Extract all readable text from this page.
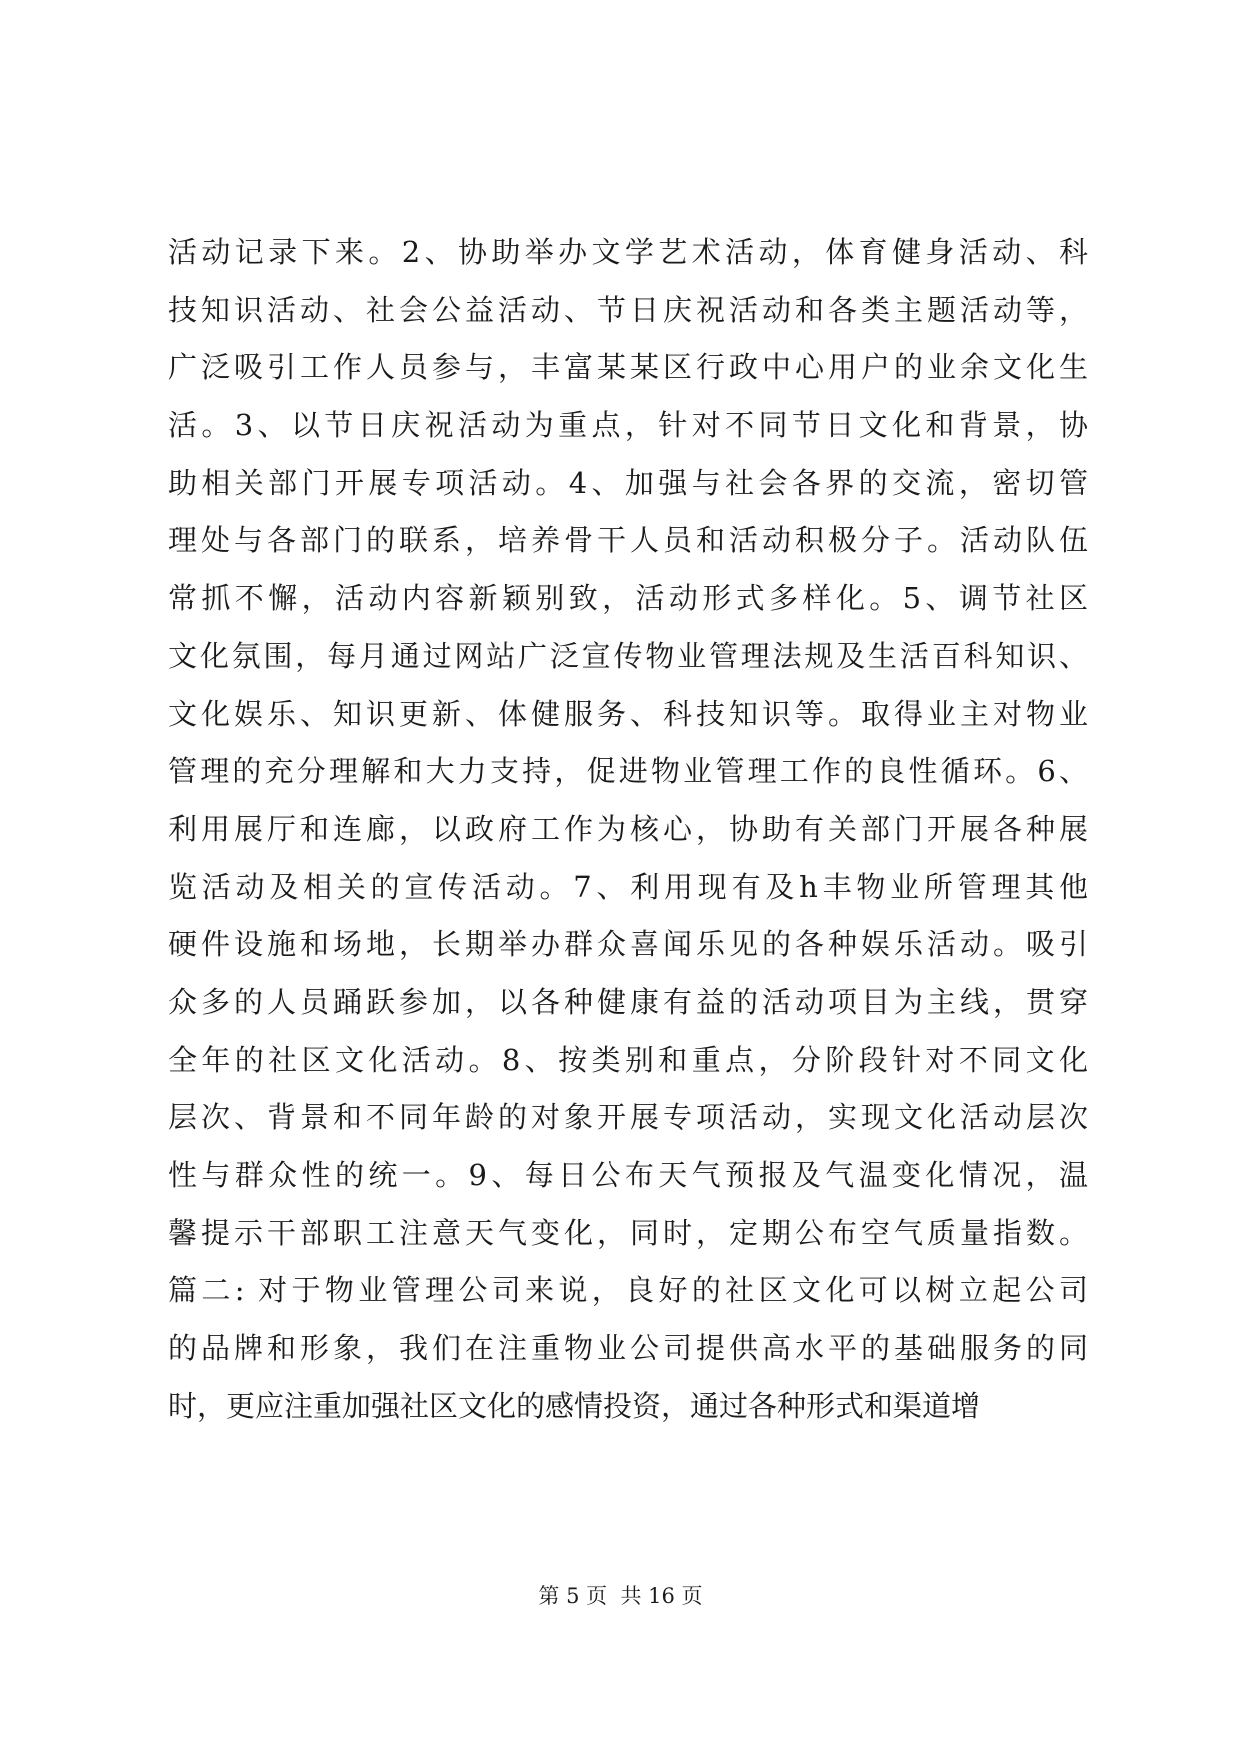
活动记录下来。2、协助举办文学艺术活动，体育健身活动、科
技知识活动、社会公益活动、节日庆祝活动和各类主题活动等，
广泛吸引工作人员参与，丰富某某区行政中心用户的业余文化生
活。3、以节日庆祝活动为重点，针对不同节日文化和背景，协
助相关部门开展专项活动。4、加强与社会各界的交流，密切管
理处与各部门的联系，培养骨干人员和活动积极分子。活动队伍
常抓不懈，活动内容新颖别致，活动形式多样化。5、调节社区
文化氛围，每月通过网站广泛宣传物业管理法规及生活百科知识、
文化娱乐、知识更新、体健服务、科技知识等。取得业主对物业
管理的充分理解和大力支持，促进物业管理工作的良性循环。6、
利用展厅和连廊，以政府工作为核心，协助有关部门开展各种展
览活动及相关的宣传活动。7、利用现有及h丰物业所管理其他
硬件设施和场地，长期举办群众喜闻乐见的各种娱乐活动。吸引
众多的人员踊跃参加，以各种健康有益的活动项目为主线，贯穿
全年的社区文化活动。8、按类别和重点，分阶段针对不同文化
层次、背景和不同年龄的对象开展专项活动，实现文化活动层次
性与群众性的统一。9、每日公布天气预报及气温变化情况，温
馨提示干部职工注意天气变化，同时，定期公布空气质量指数。
篇二: 对于物业管理公司来说，良好的社区文化可以树立起公司
的品牌和形象，我们在注重物业公司提供高水平的基础服务的同
时，更应注重加强社区文化的感情投资，通过各种形式和渠道增
第 5 页  共 16 页
